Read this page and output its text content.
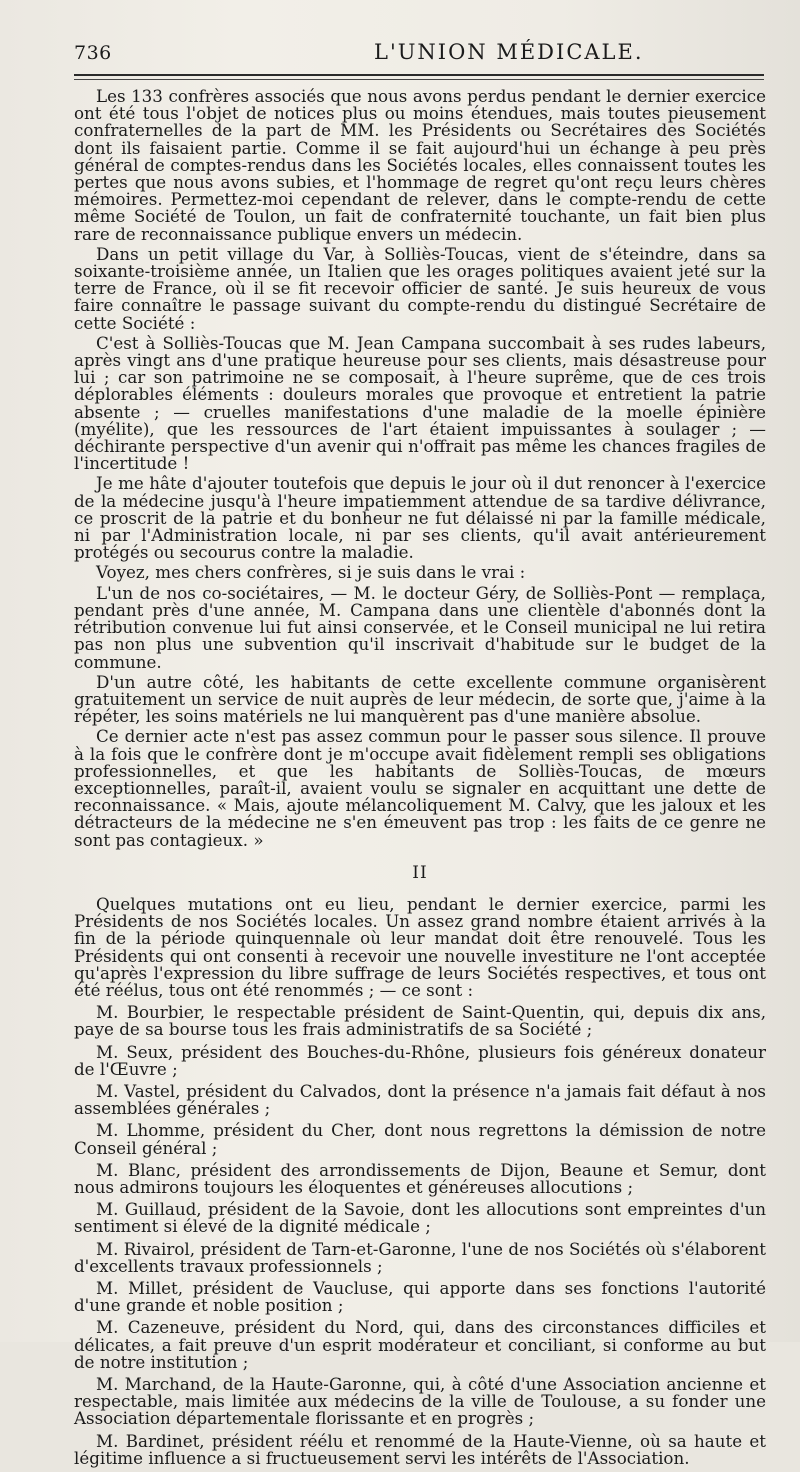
736	L'UNION MÉDICALE.

Les 133 confrères associés que nous avons perdus pendant le dernier exercice ont été tous l'objet de notices plus ou moins étendues, mais toutes pieusement confraternelles de la part de MM. les Présidents ou Secrétaires des Sociétés dont ils faisaient partie. Comme il se fait aujourd'hui un échange à peu près général de comptes-rendus dans les Sociétés locales, elles connaissent toutes les pertes que nous avons subies, et l'hommage de regret qu'ont reçu leurs chères mémoires. Permettez-moi cependant de relever, dans le compte-rendu de cette même Société de Toulon, un fait de confraternité touchante, un fait bien plus rare de reconnaissance publique envers un médecin.

Dans un petit village du Var, à Solliès-Toucas, vient de s'éteindre, dans sa soixante-troisième année, un Italien que les orages politiques avaient jeté sur la terre de France, où il se fit recevoir officier de santé. Je suis heureux de vous faire connaître le passage suivant du compte-rendu du distingué Secrétaire de cette Société :

C'est à Solliès-Toucas que M. Jean Campana succombait à ses rudes labeurs, après vingt ans d'une pratique heureuse pour ses clients, mais désastreuse pour lui ; car son patrimoine ne se composait, à l'heure suprême, que de ces trois déplorables éléments : douleurs morales que provoque et entretient la patrie absente ; — cruelles manifestations d'une maladie de la moelle épinière (myélite), que les ressources de l'art étaient impuissantes à soulager ; — déchirante perspective d'un avenir qui n'offrait pas même les chances fragiles de l'incertitude !

Je me hâte d'ajouter toutefois que depuis le jour où il dut renoncer à l'exercice de la médecine jusqu'à l'heure impatiemment attendue de sa tardive délivrance, ce proscrit de la patrie et du bonheur ne fut délaissé ni par la famille médicale, ni par l'Administration locale, ni par ses clients, qu'il avait antérieurement protégés ou secourus contre la maladie.

Voyez, mes chers confrères, si je suis dans le vrai :

L'un de nos co-sociétaires, — M. le docteur Géry, de Solliès-Pont — remplaça, pendant près d'une année, M. Campana dans une clientèle d'abonnés dont la rétribution convenue lui fut ainsi conservée, et le Conseil municipal ne lui retira pas non plus une subvention qu'il inscrivait d'habitude sur le budget de la commune.

D'un autre côté, les habitants de cette excellente commune organisèrent gratuitement un service de nuit auprès de leur médecin, de sorte que, j'aime à la répéter, les soins matériels ne lui manquèrent pas d'une manière absolue.

Ce dernier acte n'est pas assez commun pour le passer sous silence. Il prouve à la fois que le confrère dont je m'occupe avait fidèlement rempli ses obligations professionnelles, et que les habitants de Solliès-Toucas, de mœurs exceptionnelles, paraît-il, avaient voulu se signaler en acquittant une dette de reconnaissance. « Mais, ajoute mélancoliquement M. Calvy, que les jaloux et les détracteurs de la médecine ne s'en émeuvent pas trop : les faits de ce genre ne sont pas contagieux. »

II

Quelques mutations ont eu lieu, pendant le dernier exercice, parmi les Présidents de nos Sociétés locales. Un assez grand nombre étaient arrivés à la fin de la période quinquennale où leur mandat doit être renouvelé. Tous les Présidents qui ont consenti à recevoir une nouvelle investiture ne l'ont acceptée qu'après l'expression du libre suffrage de leurs Sociétés respectives, et tous ont été réélus, tous ont été renommés ; — ce sont :

M. Bourbier, le respectable président de Saint-Quentin, qui, depuis dix ans, paye de sa bourse tous les frais administratifs de sa Société ;

M. Seux, président des Bouches-du-Rhône, plusieurs fois généreux donateur de l'Œuvre ;

M. Vastel, président du Calvados, dont la présence n'a jamais fait défaut à nos assemblées générales ;

M. Lhomme, président du Cher, dont nous regrettons la démission de notre Conseil général ;

M. Blanc, président des arrondissements de Dijon, Beaune et Semur, dont nous admirons toujours les éloquentes et généreuses allocutions ;

M. Guillaud, président de la Savoie, dont les allocutions sont empreintes d'un sentiment si élevé de la dignité médicale ;

M. Rivairol, président de Tarn-et-Garonne, l'une de nos Sociétés où s'élaborent d'excellents travaux professionnels ;

M. Millet, président de Vaucluse, qui apporte dans ses fonctions l'autorité d'une grande et noble position ;

M. Cazeneuve, président du Nord, qui, dans des circonstances difficiles et délicates, a fait preuve d'un esprit modérateur et conciliant, si conforme au but de notre institution ;

M. Marchand, de la Haute-Garonne, qui, à côté d'une Association ancienne et respectable, mais limitée aux médecins de la ville de Toulouse, a su fonder une Association départementale florissante et en progrès ;

M. Bardinet, président réélu et renommé de la Haute-Vienne, où sa haute et légitime influence a si fructueusement servi les intérêts de l'Association.
